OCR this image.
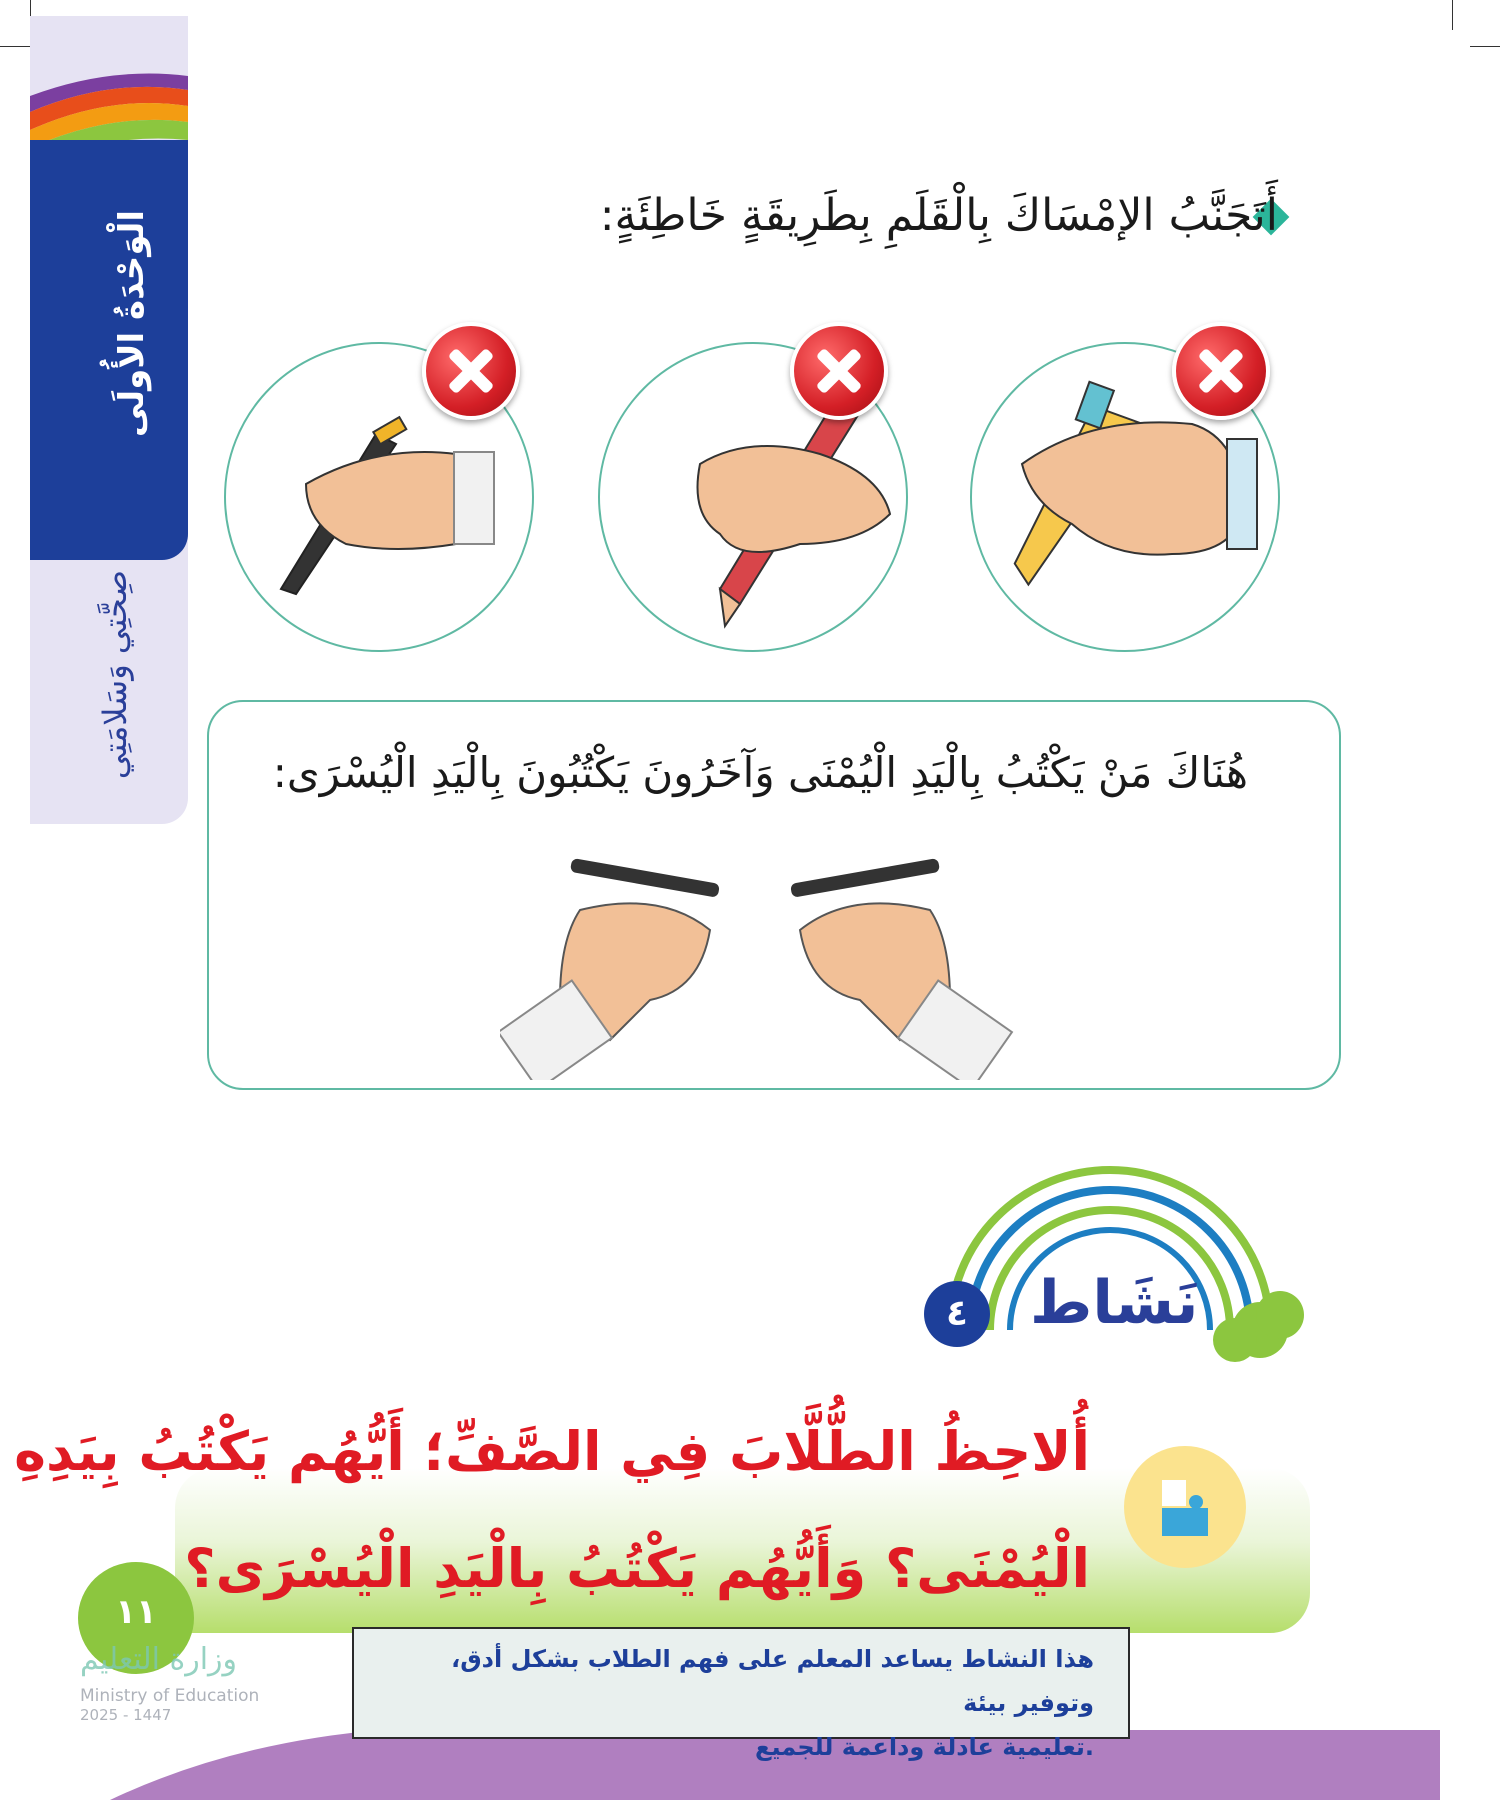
الْوَحْدَةُ الأُولَى
صِحَّتِي وَسَلامَتِي
أَتَجَنَّبُ الإمْسَاكَ بِالْقَلَمِ بِطَرِيقَةٍ خَاطِئَةٍ:
هُنَاكَ مَنْ يَكْتُبُ بِالْيَدِ الْيُمْنَى وَآخَرُونَ يَكْتُبُونَ بِالْيَدِ الْيُسْرَى:
نَشَاط
٤
أُلاحِظُ الطُّلَّابَ فِي الصَّفِّ؛ أَيُّهُم يَكْتُبُ بِيَدِهِ
الْيُمْنَى؟ وَأَيُّهُم يَكْتُبُ بِالْيَدِ الْيُسْرَى؟
١١
وزارة التعليم
Ministry of Education
2025 - 1447
هذا النشاط يساعد المعلم على فهم الطلاب بشكل أدق، وتوفير بيئة
.تعليمية عادلة وداعمة للجميع
